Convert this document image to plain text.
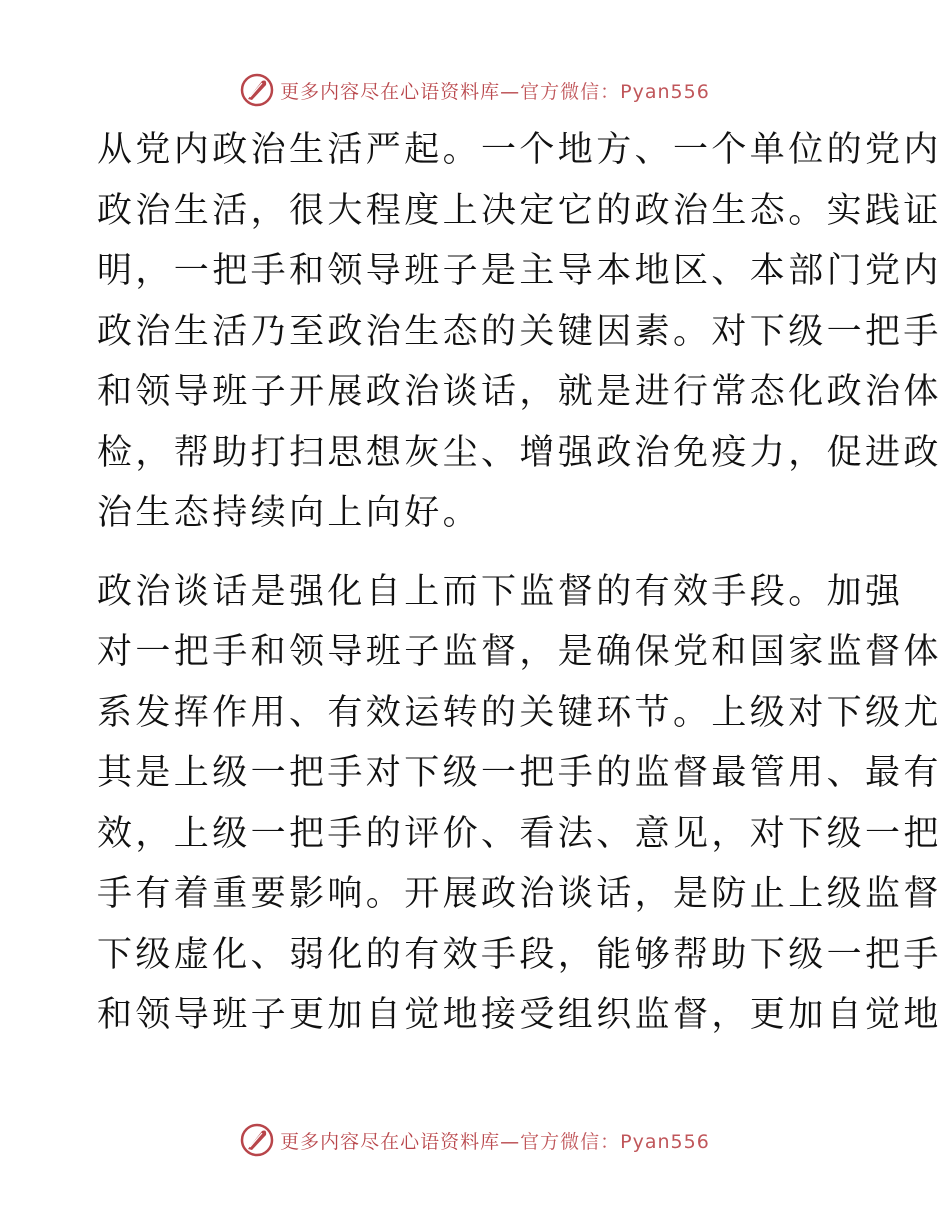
更多内容尽在心语资料库—官方微信：Pyan556
从党内政治生活严起。一个地方、一个单位的党内
政治生活，很大程度上决定它的政治生态。实践证
明，一把手和领导班子是主导本地区、本部门党内
政治生活乃至政治生态的关键因素。对下级一把手
和领导班子开展政治谈话，就是进行常态化政治体
检，帮助打扫思想灰尘、增强政治免疫力，促进政
治生态持续向上向好。
政治谈话是强化自上而下监督的有效手段。加强
对一把手和领导班子监督，是确保党和国家监督体
系发挥作用、有效运转的关键环节。上级对下级尤
其是上级一把手对下级一把手的监督最管用、最有
效，上级一把手的评价、看法、意见，对下级一把
手有着重要影响。开展政治谈话，是防止上级监督
下级虚化、弱化的有效手段，能够帮助下级一把手
和领导班子更加自觉地接受组织监督，更加自觉地
更多内容尽在心语资料库—官方微信：Pyan556
